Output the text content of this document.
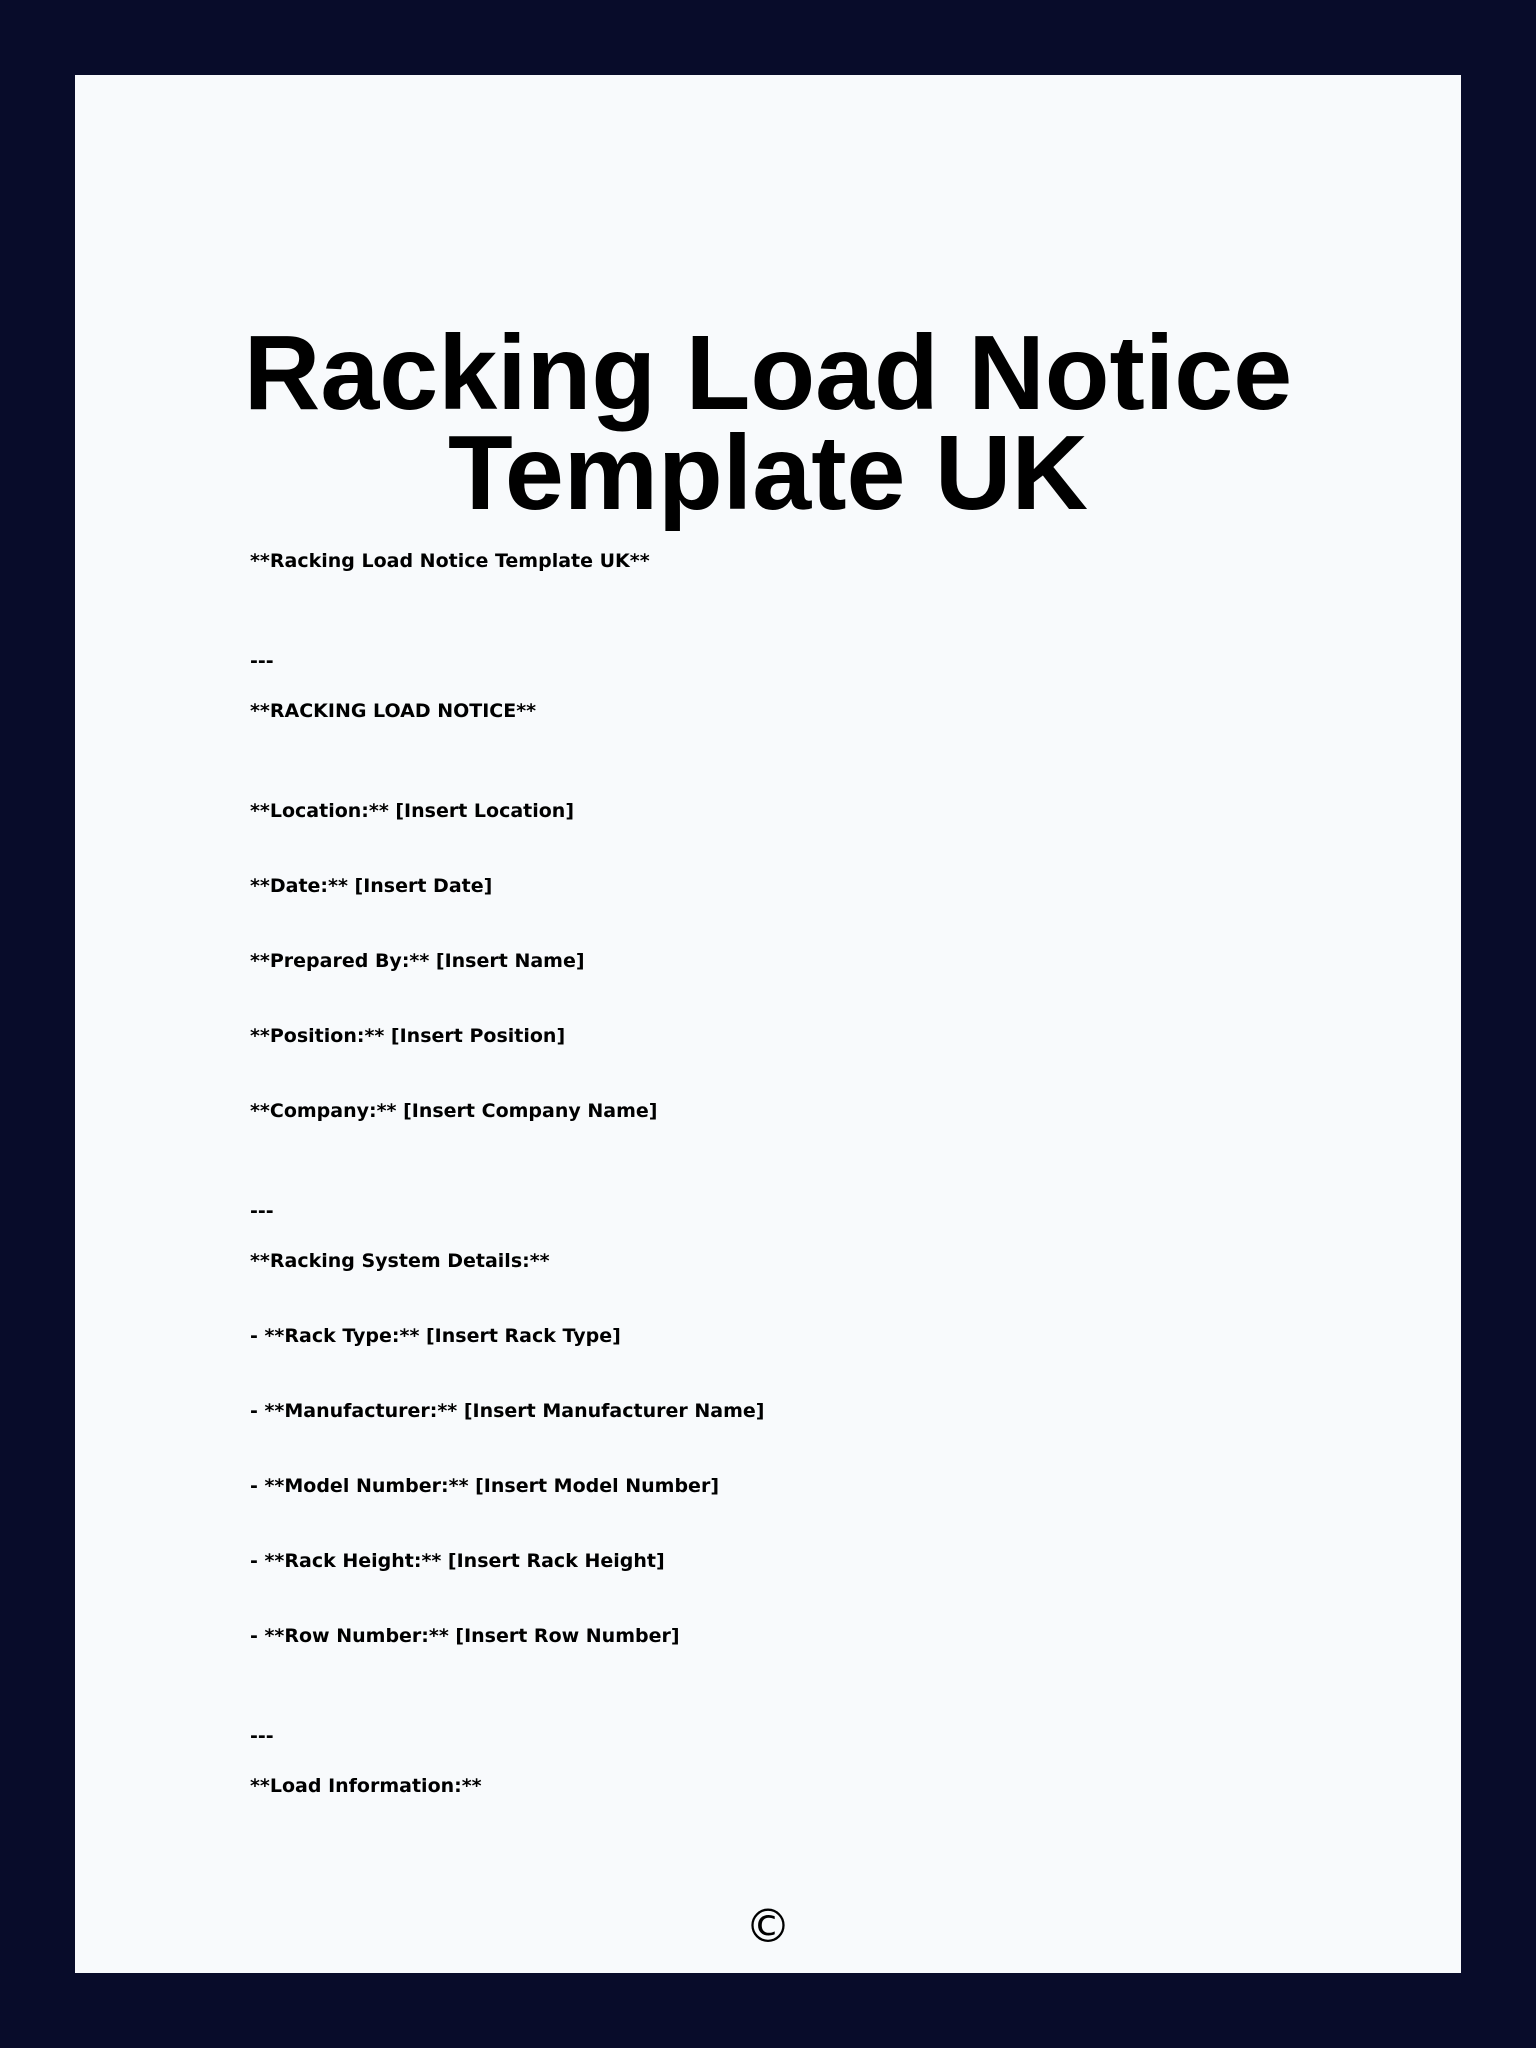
Racking Load Notice
Template UK

**Racking Load Notice Template UK**

---

**RACKING LOAD NOTICE**

**Location:** [Insert Location]

**Date:** [Insert Date]

**Prepared By:** [Insert Name]

**Position:** [Insert Position]

**Company:** [Insert Company Name]

---

**Racking System Details:**

- **Rack Type:** [Insert Rack Type]

- **Manufacturer:** [Insert Manufacturer Name]

- **Model Number:** [Insert Model Number]

- **Rack Height:** [Insert Rack Height]

- **Row Number:** [Insert Row Number]

---

**Load Information:**

©
